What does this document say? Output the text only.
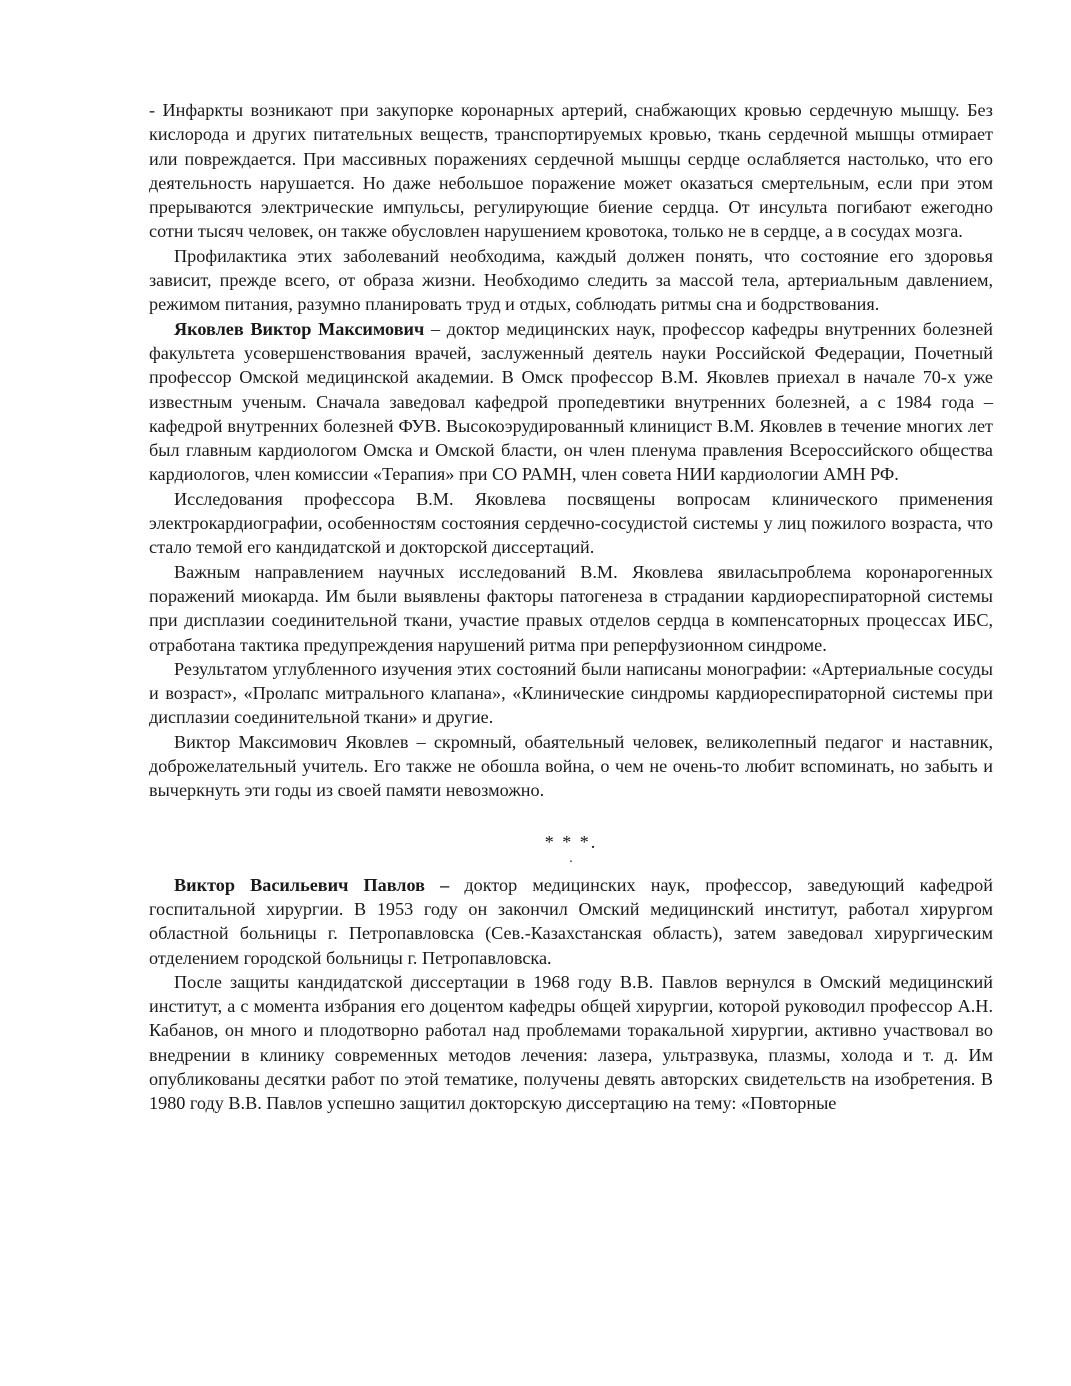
- Инфаркты возникают при закупорке коронарных артерий, снабжающих кровью сердечную мышцу. Без кислорода и других питательных веществ, транспортируемых кровью, ткань сердечной мышцы отмирает или повреждается. При массивных поражениях сердечной мышцы сердце ослабляется настолько, что его деятельность нарушается. Но даже небольшое поражение может оказаться смертельным, если при этом прерываются электрические импульсы, регулирующие биение сердца. От инсульта погибают ежегодно сотни тысяч человек, он также обусловлен нарушением кровотока, только не в сердце, а в сосудах мозга.

Профилактика этих заболеваний необходима, каждый должен понять, что состояние его здоровья зависит, прежде всего, от образа жизни. Необходимо следить за массой тела, артериальным давлением, режимом питания, разумно планировать труд и отдых, соблюдать ритмы сна и бодрствования.

Яковлев Виктор Максимович – доктор медицинских наук, профессор кафедры внутренних болезней факультета усовершенствования врачей, заслуженный деятель науки Российской Федерации, Почетный профессор Омской медицинской академии. В Омск профессор В.М. Яковлев приехал в начале 70-х уже известным ученым. Сначала заведовал кафедрой пропедевтики внутренних болезней, а с 1984 года – кафедрой внутренних болезней ФУВ. Высокоэрудированный клиницист В.М. Яковлев в течение многих лет был главным кардиологом Омска и Омской бласти, он член пленума правления Всероссийского общества кардиологов, член комиссии «Терапия» при СО РАМН, член совета НИИ кардиологии АМН РФ.

Исследования профессора В.М. Яковлева посвящены вопросам клинического применения электрокардиографии, особенностям состояния сердечно-сосудистой системы у лиц пожилого возраста, что стало темой его кандидатской и докторской диссертаций.

Важным направлением научных исследований В.М. Яковлева явиласьпроблема коронарогенных поражений миокарда. Им были выявлены факторы патогенеза в страдании кардиореспираторной системы при дисплазии соединительной ткани, участие правых отделов сердца в компенсаторных процессах ИБС, отработана тактика предупреждения нарушений ритма при реперфузионном синдроме.

Результатом углубленного изучения этих состояний были написаны монографии: «Артериальные сосуды и возраст», «Пролапс митрального клапана», «Клинические синдромы кардиореспираторной системы при дисплазии соединительной ткани» и другие.

Виктор Максимович Яковлев – скромный, обаятельный человек, великолепный педагог и наставник, доброжелательный учитель. Его также не обошла война, о чем не очень-то любит вспоминать, но забыть и вычеркнуть эти годы из своей памяти невозможно.

* * *.

.

Виктор Васильевич Павлов – доктор медицинских наук, профессор, заведующий кафедрой госпитальной хирургии. В 1953 году он закончил Омский медицинский институт, работал хирургом областной больницы г. Петропавловска (Сев.-Казахстанская область), затем заведовал хирургическим отделением городской больницы г. Петропавловска.

После защиты кандидатской диссертации в 1968 году В.В. Павлов вернулся в Омский медицинский институт, а с момента избрания его доцентом кафедры общей хирургии, которой руководил профессор А.Н. Кабанов, он много и плодотворно работал над проблемами торакальной хирургии, активно участвовал во внедрении в клинику современных методов лечения: лазера, ультразвука, плазмы, холода и т. д. Им опубликованы десятки работ по этой тематике, получены девять авторских свидетельств на изобретения. В 1980 году В.В. Павлов успешно защитил докторскую диссертацию на тему: «Повторные
